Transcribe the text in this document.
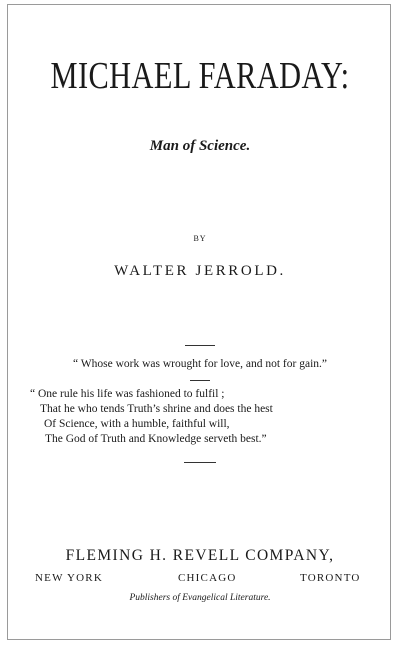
MICHAEL FARADAY:
Man of Science.
BY
WALTER JERROLD.
“ Whose work was wrought for love, and not for gain.”
“ One rule his life was fashioned to fulfil ;
That he who tends Truth’s shrine and does the hest
Of Science, with a humble, faithful will,
The God of Truth and Knowledge serveth best.”
FLEMING H. REVELL COMPANY,
NEW YORK	CHICAGO	TORONTO
Publishers of Evangelical Literature.
